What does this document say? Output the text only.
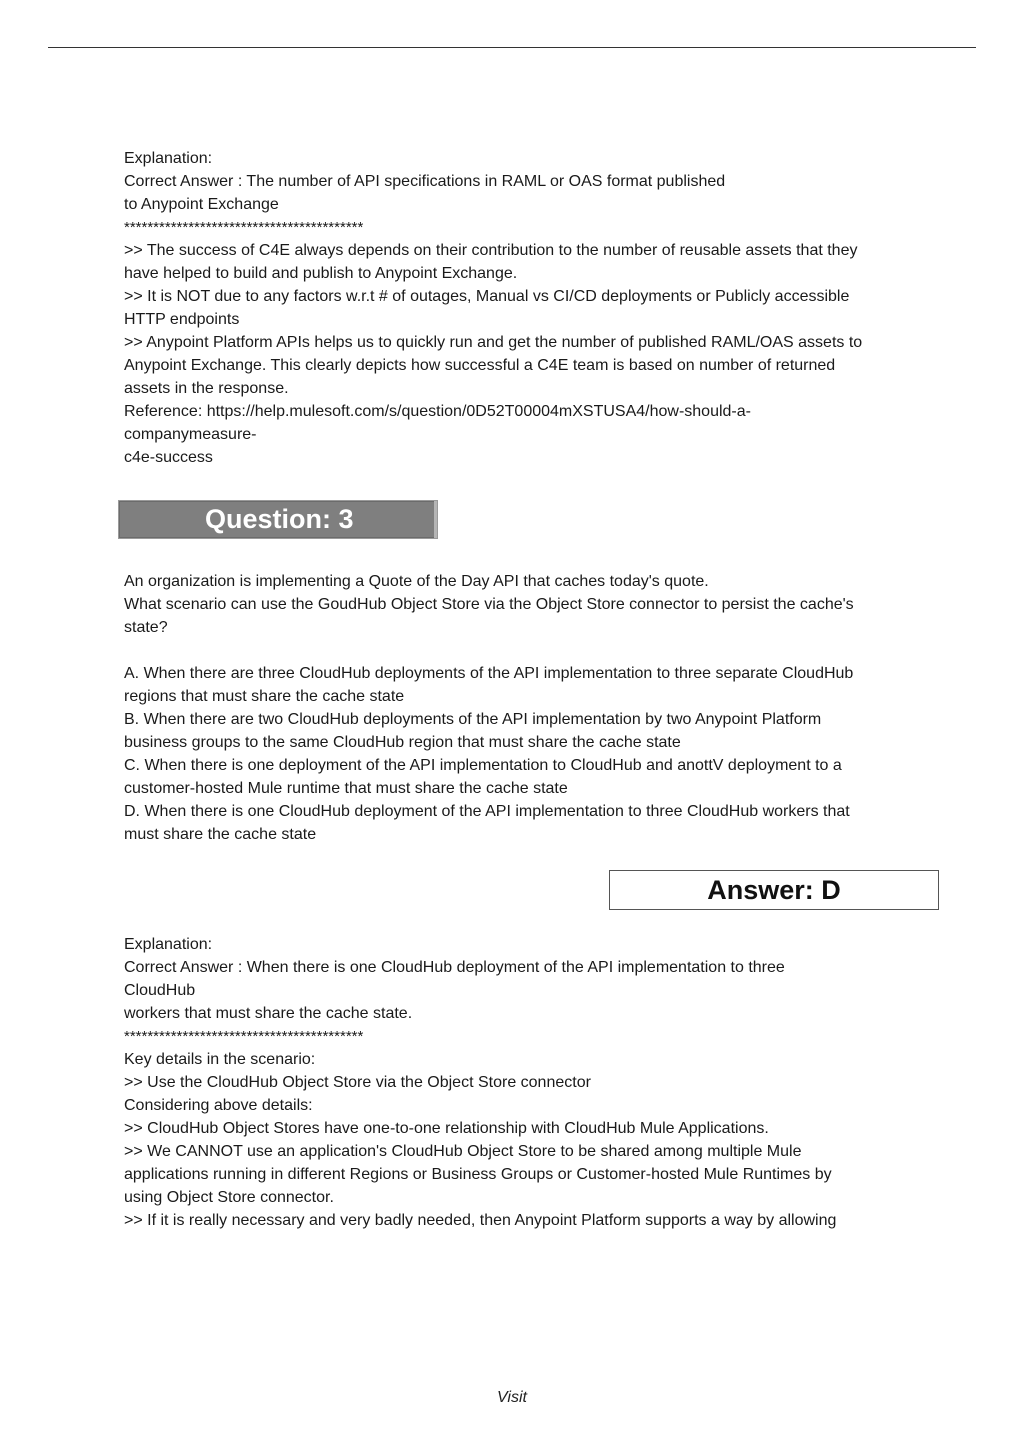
Explanation:
Correct Answer : The number of API specifications in RAML or OAS format published
to Anypoint Exchange
*****************************************
>> The success of C4E always depends on their contribution to the number of reusable assets that they
have helped to build and publish to Anypoint Exchange.
>> It is NOT due to any factors w.r.t # of outages, Manual vs CI/CD deployments or Publicly accessible
HTTP endpoints
>> Anypoint Platform APIs helps us to quickly run and get the number of published RAML/OAS assets to
Anypoint Exchange. This clearly depicts how successful a C4E team is based on number of returned
assets in the response.
Reference: https://help.mulesoft.com/s/question/0D52T00004mXSTUSA4/how-should-a-
companymeasure-
c4e-success
Question: 3
An organization is implementing a Quote of the Day API that caches today's quote.
What scenario can use the GoudHub Object Store via the Object Store connector to persist the cache's
state?
A. When there are three CloudHub deployments of the API implementation to three separate CloudHub
regions that must share the cache state
B. When there are two CloudHub deployments of the API implementation by two Anypoint Platform
business groups to the same CloudHub region that must share the cache state
C. When there is one deployment of the API implementation to CloudHub and anottV deployment to a
customer-hosted Mule runtime that must share the cache state
D. When there is one CloudHub deployment of the API implementation to three CloudHub workers that
must share the cache state
Answer: D
Explanation:
Correct Answer : When there is one CloudHub deployment of the API implementation to three
CloudHub
workers that must share the cache state.
*****************************************
Key details in the scenario:
>> Use the CloudHub Object Store via the Object Store connector
Considering above details:
>> CloudHub Object Stores have one-to-one relationship with CloudHub Mule Applications.
>> We CANNOT use an application's CloudHub Object Store to be shared among multiple Mule
applications running in different Regions or Business Groups or Customer-hosted Mule Runtimes by
using Object Store connector.
>> If it is really necessary and very badly needed, then Anypoint Platform supports a way by allowing
Visit
